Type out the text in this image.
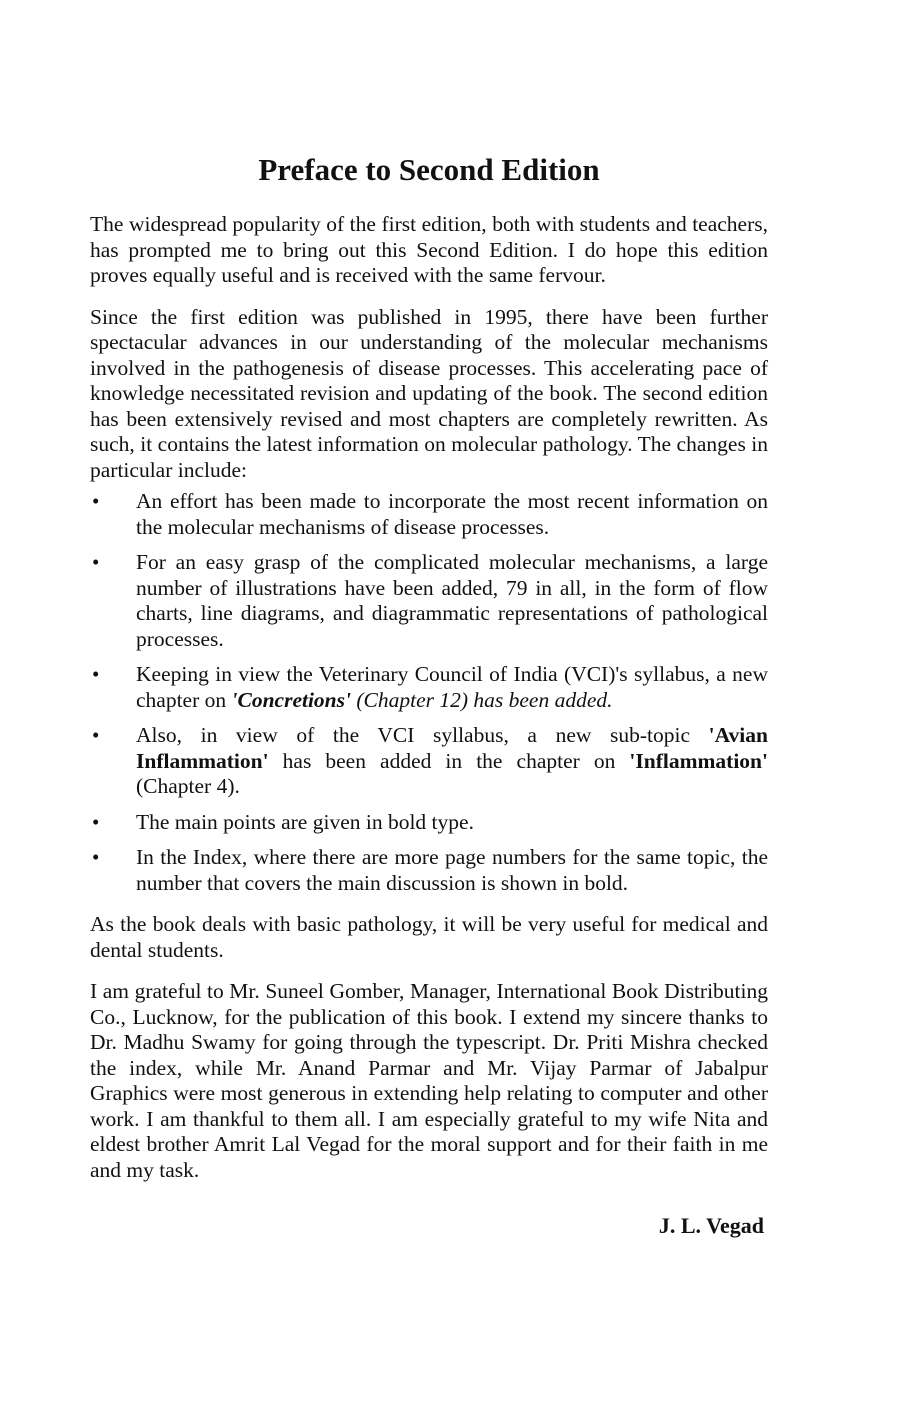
Preface to Second Edition

The widespread popularity of the first edition, both with students and teachers, has prompted me to bring out this Second Edition. I do hope this edition proves equally useful and is received with the same fervour.

Since the first edition was published in 1995, there have been further spectacular advances in our understanding of the molecular mechanisms involved in the pathogenesis of disease processes. This accelerating pace of knowledge necessitated revision and updating of the book. The second edition has been extensively revised and most chapters are completely rewritten. As such, it contains the latest information on molecular pathology. The changes in particular include:

• An effort has been made to incorporate the most recent information on the molecular mechanisms of disease processes.
• For an easy grasp of the complicated molecular mechanisms, a large number of illustrations have been added, 79 in all, in the form of flow charts, line diagrams, and diagrammatic representations of pathological processes.
• Keeping in view the Veterinary Council of India (VCI)'s syllabus, a new chapter on 'Concretions' (Chapter 12) has been added.
• Also, in view of the VCI syllabus, a new sub-topic 'Avian Inflammation' has been added in the chapter on 'Inflammation' (Chapter 4).
• The main points are given in bold type.
• In the Index, where there are more page numbers for the same topic, the number that covers the main discussion is shown in bold.

As the book deals with basic pathology, it will be very useful for medical and dental students.

I am grateful to Mr. Suneel Gomber, Manager, International Book Distributing Co., Lucknow, for the publication of this book. I extend my sincere thanks to Dr. Madhu Swamy for going through the typescript. Dr. Priti Mishra checked the index, while Mr. Anand Parmar and Mr. Vijay Parmar of Jabalpur Graphics were most generous in extending help relating to computer and other work. I am thankful to them all. I am especially grateful to my wife Nita and eldest brother Amrit Lal Vegad for the moral support and for their faith in me and my task.

J. L. Vegad
